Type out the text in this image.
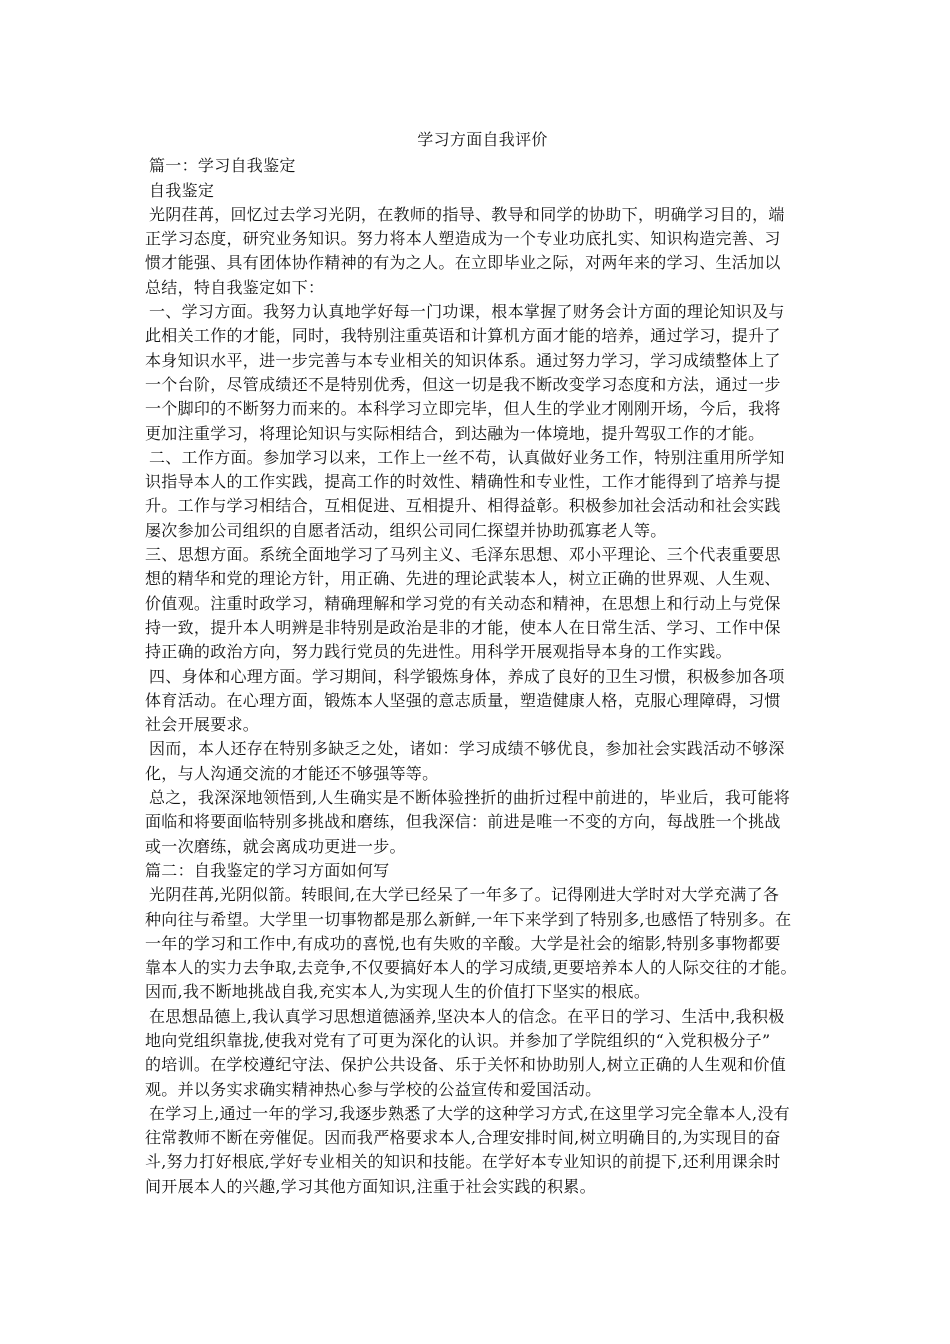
学习方面自我评价

篇一：学习自我鉴定

自我鉴定

光阴荏苒，回忆过去学习光阴，在教师的指导、教导和同学的协助下，明确学习目的，端

正学习态度，研究业务知识。努力将本人塑造成为一个专业功底扎实、知识构造完善、习

惯才能强、具有团体协作精神的有为之人。在立即毕业之际，对两年来的学习、生活加以

总结，特自我鉴定如下：

一、学习方面。我努力认真地学好每一门功课，根本掌握了财务会计方面的理论知识及与

此相关工作的才能，同时，我特别注重英语和计算机方面才能的培养，通过学习，提升了

本身知识水平，进一步完善与本专业相关的知识体系。通过努力学习，学习成绩整体上了

一个台阶，尽管成绩还不是特别优秀，但这一切是我不断改变学习态度和方法，通过一步

一个脚印的不断努力而来的。本科学习立即完毕，但人生的学业才刚刚开场，今后，我将

更加注重学习，将理论知识与实际相结合，到达融为一体境地，提升驾驭工作的才能。

二、工作方面。参加学习以来，工作上一丝不苟，认真做好业务工作，特别注重用所学知

识指导本人的工作实践，提高工作的时效性、精确性和专业性，工作才能得到了培养与提

升。工作与学习相结合，互相促进、互相提升、相得益彰。积极参加社会活动和社会实践

屡次参加公司组织的自愿者活动，组织公司同仁探望并协助孤寡老人等。

三、思想方面。系统全面地学习了马列主义、毛泽东思想、邓小平理论、三个代表重要思

想的精华和党的理论方针，用正确、先进的理论武装本人，树立正确的世界观、人生观、

价值观。注重时政学习，精确理解和学习党的有关动态和精神，在思想上和行动上与党保

持一致，提升本人明辨是非特别是政治是非的才能，使本人在日常生活、学习、工作中保

持正确的政治方向，努力践行党员的先进性。用科学开展观指导本身的工作实践。

四、身体和心理方面。学习期间，科学锻炼身体，养成了良好的卫生习惯，积极参加各项

体育活动。在心理方面，锻炼本人坚强的意志质量，塑造健康人格，克服心理障碍，习惯

社会开展要求。

因而，本人还存在特别多缺乏之处，诸如：学习成绩不够优良，参加社会实践活动不够深

化，与人沟通交流的才能还不够强等等。

总之，我深深地领悟到,人生确实是不断体验挫折的曲折过程中前进的，毕业后，我可能将

面临和将要面临特别多挑战和磨练，但我深信：前进是唯一不变的方向，每战胜一个挑战

或一次磨练，就会离成功更进一步。

篇二：自我鉴定的学习方面如何写

光阴荏苒,光阴似箭。转眼间,在大学已经呆了一年多了。记得刚进大学时对大学充满了各

种向往与希望。大学里一切事物都是那么新鲜,一年下来学到了特别多,也感悟了特别多。在

一年的学习和工作中,有成功的喜悦,也有失败的辛酸。大学是社会的缩影,特别多事物都要

靠本人的实力去争取,去竞争,不仅要搞好本人的学习成绩,更要培养本人的人际交往的才能。

因而,我不断地挑战自我,充实本人,为实现人生的价值打下坚实的根底。

在思想品德上,我认真学习思想道德涵养,坚决本人的信念。在平日的学习、生活中,我积极

地向党组织靠拢,使我对党有了可更为深化的认识。并参加了学院组织的“入党积极分子”

的培训。在学校遵纪守法、保护公共设备、乐于关怀和协助别人,树立正确的人生观和价值

观。并以务实求确实精神热心参与学校的公益宣传和爱国活动。

在学习上,通过一年的学习,我逐步熟悉了大学的这种学习方式,在这里学习完全靠本人,没有

往常教师不断在旁催促。因而我严格要求本人,合理安排时间,树立明确目的,为实现目的奋

斗,努力打好根底,学好专业相关的知识和技能。在学好本专业知识的前提下,还利用课余时

间开展本人的兴趣,学习其他方面知识,注重于社会实践的积累。
